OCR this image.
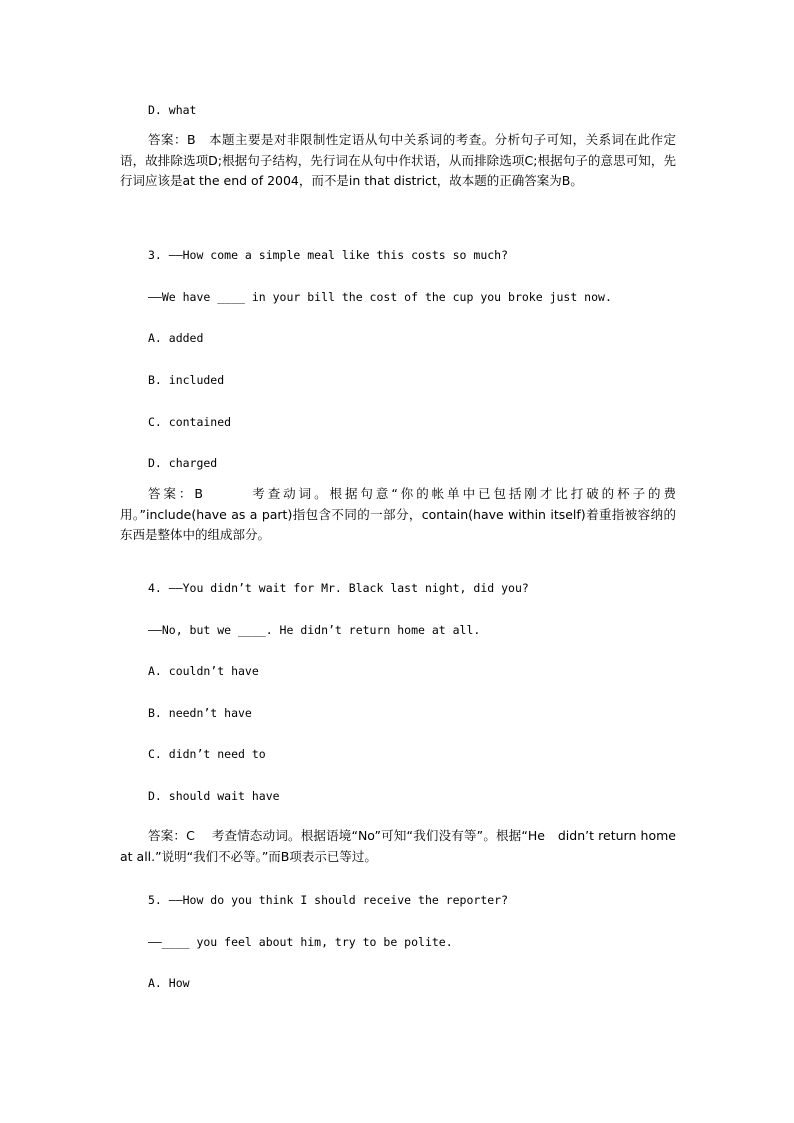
D. what
答案：B　本题主要是对非限制性定语从句中关系词的考查。分析句子可知，关系词在此作定语，故排除选项D;根据句子结构，先行词在从句中作状语，从而排除选项C;根据句子的意思可知，先行词应该是at the end of 2004，而不是in that district，故本题的正确答案为B。
3. ——How come a simple meal like this costs so much?
——We have ____ in your bill the cost of the cup you broke just now.
A. added
B. included
C. contained
D. charged
答案：B　　　考查动词。根据句意“你的帐单中已包括刚才比打破的杯子的费用。”include(have as a part)指包含不同的一部分，contain(have within itself)着重指被容纳的东西是整体中的组成部分。
4. ——You didn’t wait for Mr. Black last night, did you?
——No, but we ____. He didn’t return home at all.
A. couldn’t have
B. needn’t have
C. didn’t need to
D. should wait have
答案：C　 考查情态动词。根据语境“No”可知“我们没有等”。根据“He　didn’t return home at all.”说明“我们不必等。”而B项表示已等过。
5. ——How do you think I should receive the reporter?
——____ you feel about him, try to be polite.
A. How
